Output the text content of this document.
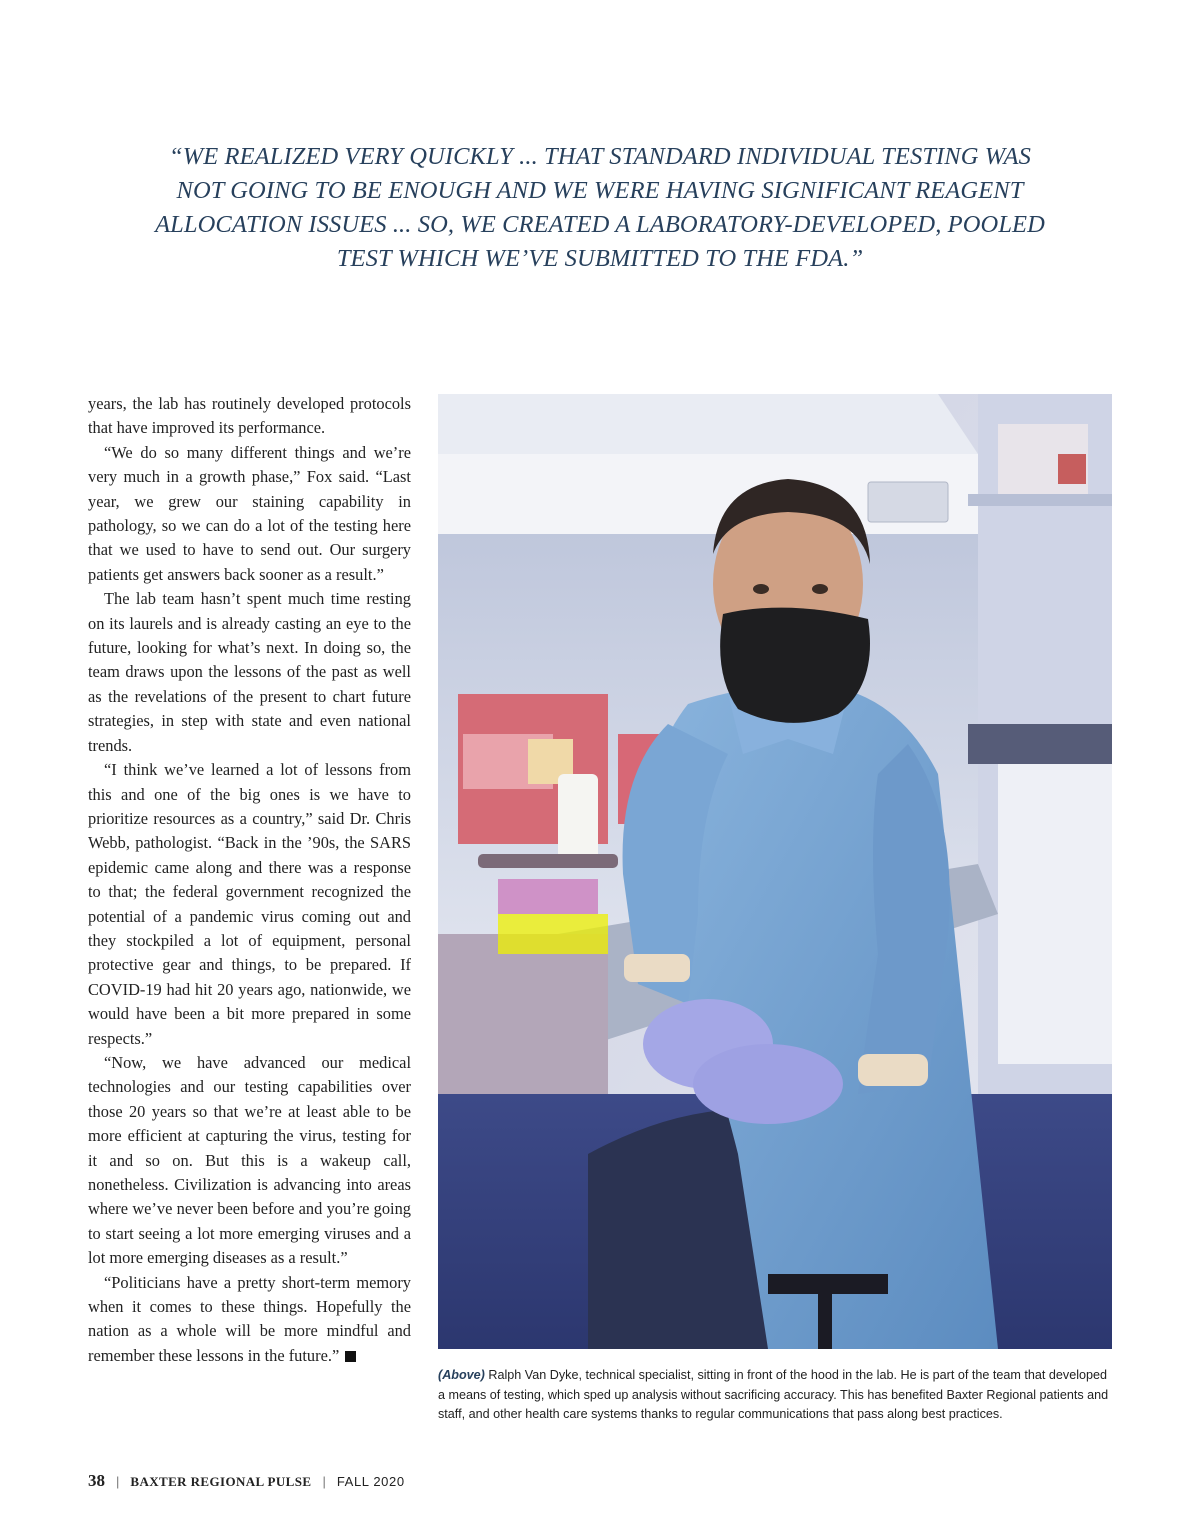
“WE REALIZED VERY QUICKLY ... THAT STANDARD INDIVIDUAL TESTING WAS
NOT GOING TO BE ENOUGH AND WE WERE HAVING SIGNIFICANT REAGENT
ALLOCATION ISSUES ... SO, WE CREATED A LABORATORY-DEVELOPED, POOLED
TEST WHICH WE’VE SUBMITTED TO THE FDA.”

years, the lab has routinely developed protocols that have improved its performance.

“We do so many different things and we’re very much in a growth phase,” Fox said. “Last year, we grew our staining capability in pathology, so we can do a lot of the testing here that we used to have to send out. Our surgery patients get answers back sooner as a result.”

The lab team hasn’t spent much time resting on its laurels and is already casting an eye to the future, looking for what’s next. In doing so, the team draws upon the lessons of the past as well as the revelations of the present to chart future strategies, in step with state and even national trends.

“I think we’ve learned a lot of lessons from this and one of the big ones is we have to prioritize resources as a country,” said Dr. Chris Webb, pathologist. “Back in the ’90s, the SARS epidemic came along and there was a response to that; the federal government recognized the potential of a pandemic virus coming out and they stockpiled a lot of equipment, personal protective gear and things, to be prepared. If COVID-19 had hit 20 years ago, nationwide, we would have been a bit more prepared in some respects.”

“Now, we have advanced our medical technologies and our testing capabilities over those 20 years so that we’re at least able to be more efficient at capturing the virus, testing for it and so on. But this is a wakeup call, nonetheless. Civilization is advancing into areas where we’ve never been before and you’re going to start seeing a lot more emerging viruses and a lot more emerging diseases as a result.”

“Politicians have a pretty short-term memory when it comes to these things. Hopefully the nation as a whole will be more mindful and remember these lessons in the future.”

(Above) Ralph Van Dyke, technical specialist, sitting in front of the hood in the lab. He is part of the team that developed a means of testing, which sped up analysis without sacrificing accuracy. This has benefited Baxter Regional patients and staff, and other health care systems thanks to regular communications that pass along best practices.
38 | BAXTER REGIONAL PULSE | FALL 2020
